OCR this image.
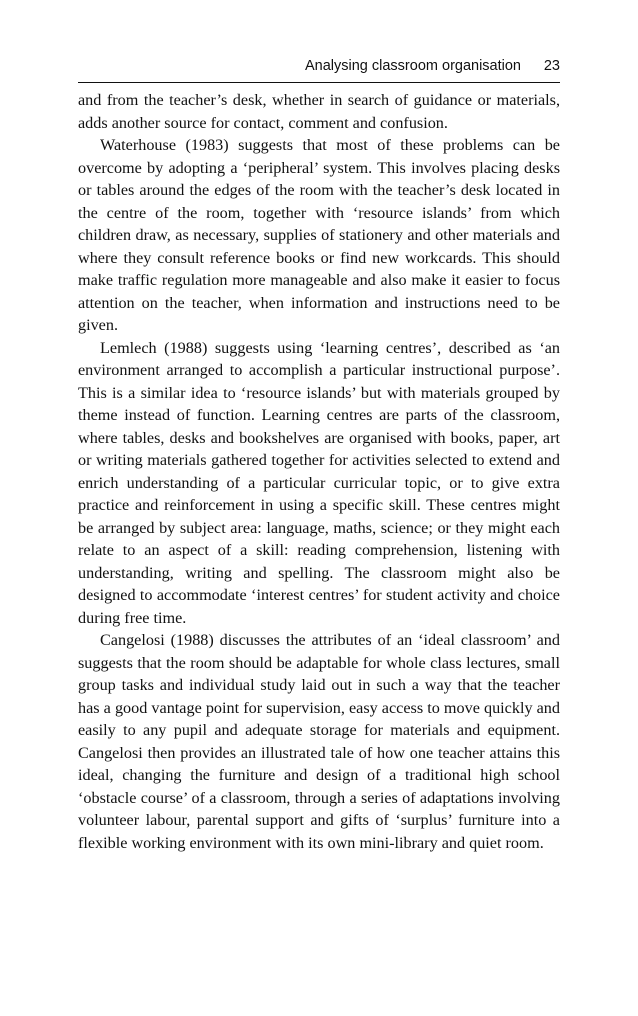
Analysing classroom organisation 23

and from the teacher’s desk, whether in search of guidance or materials, adds another source for contact, comment and confusion.

Waterhouse (1983) suggests that most of these problems can be overcome by adopting a ‘peripheral’ system. This involves placing desks or tables around the edges of the room with the teacher’s desk located in the centre of the room, together with ‘resource islands’ from which children draw, as necessary, supplies of stationery and other materials and where they consult reference books or find new workcards. This should make traffic regulation more manageable and also make it easier to focus attention on the teacher, when information and instructions need to be given.

Lemlech (1988) suggests using ‘learning centres’, described as ‘an environment arranged to accomplish a particular instructional purpose’. This is a similar idea to ‘resource islands’ but with materials grouped by theme instead of function. Learning centres are parts of the classroom, where tables, desks and bookshelves are organised with books, paper, art or writing materials gathered together for activities selected to extend and enrich understanding of a particular curricular topic, or to give extra practice and reinforcement in using a specific skill. These centres might be arranged by subject area: language, maths, science; or they might each relate to an aspect of a skill: reading comprehension, listening with understanding, writing and spelling. The classroom might also be designed to accommodate ‘interest centres’ for student activity and choice during free time.

Cangelosi (1988) discusses the attributes of an ‘ideal classroom’ and suggests that the room should be adaptable for whole class lectures, small group tasks and individual study laid out in such a way that the teacher has a good vantage point for supervision, easy access to move quickly and easily to any pupil and adequate storage for materials and equipment. Cangelosi then provides an illustrated tale of how one teacher attains this ideal, changing the furniture and design of a traditional high school ‘obstacle course’ of a classroom, through a series of adaptations involving volunteer labour, parental support and gifts of ‘surplus’ furniture into a flexible working environment with its own mini-library and quiet room.
